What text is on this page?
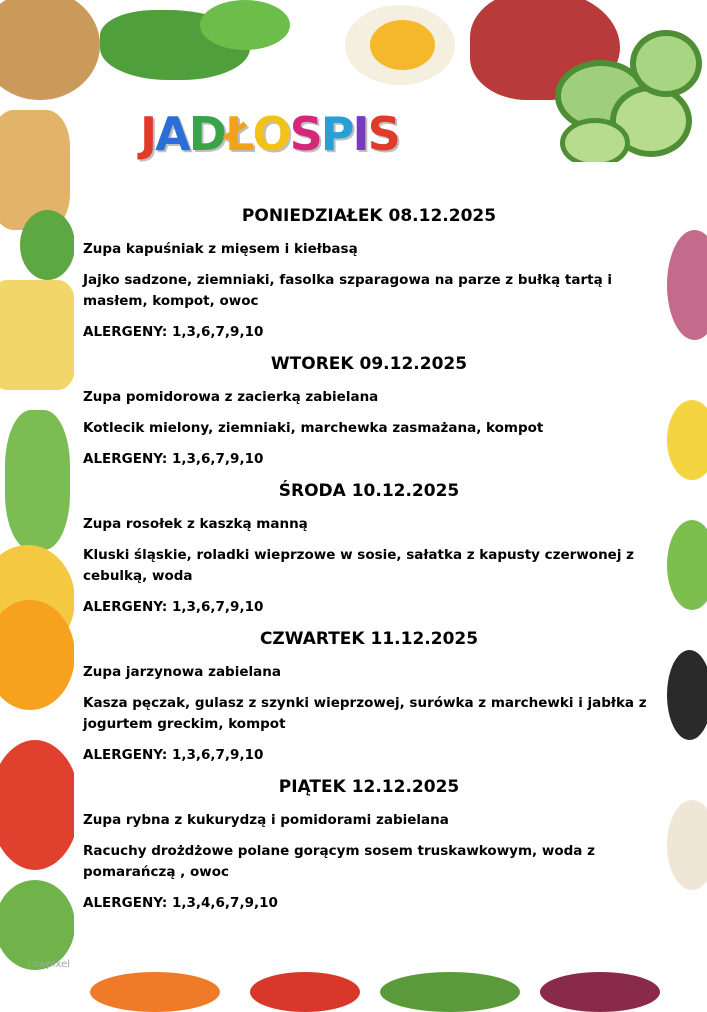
J A D Ł O S P I S
PONIEDZIAŁEK 08.12.2025
Zupa kapuśniak z mięsem i kiełbasą
Jajko sadzone, ziemniaki, fasolka szparagowa na parze z bułką tartą i masłem, kompot, owoc
ALERGENY: 1,3,6,7,9,10
WTOREK 09.12.2025
Zupa pomidorowa z zacierką zabielana
Kotlecik mielony, ziemniaki, marchewka zasmażana, kompot
ALERGENY: 1,3,6,7,9,10
ŚRODA 10.12.2025
Zupa rosołek z kaszką manną
Kluski śląskie, roladki wieprzowe w sosie, sałatka z kapusty czerwonej z cebulką, woda
ALERGENY: 1,3,6,7,9,10
CZWARTEK 11.12.2025
Zupa jarzynowa zabielana
Kasza pęczak, gulasz z szynki wieprzowej, surówka z marchewki i jabłka z jogurtem greckim, kompot
ALERGENY: 1,3,6,7,9,10
PIĄTEK 12.12.2025
Zupa rybna z kukurydzą i pomidorami zabielana
Racuchy drożdżowe polane gorącym sosem truskawkowym, woda z pomarańczą , owoc
ALERGENY: 1,3,4,6,7,9,10
rawpixel
